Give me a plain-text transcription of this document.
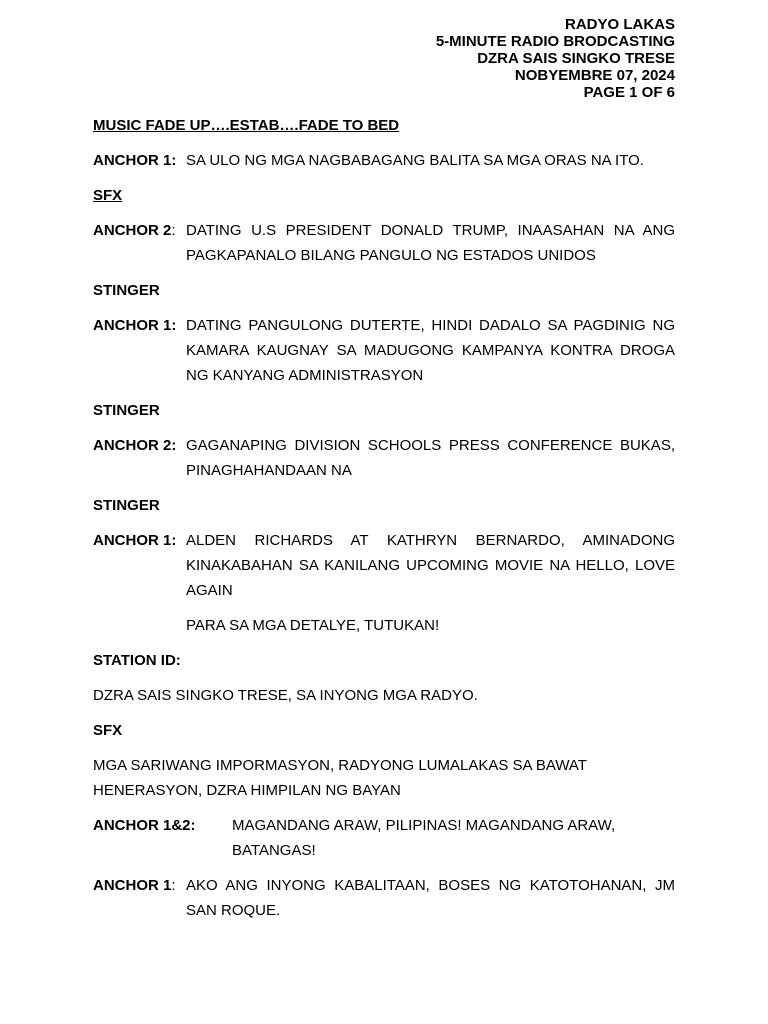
RADYO LAKAS
5-MINUTE RADIO BRODCASTING
DZRA SAIS SINGKO TRESE
NOBYEMBRE 07, 2024
PAGE 1 OF 6
MUSIC FADE UP….ESTAB….FADE TO BED
ANCHOR 1: SA ULO NG MGA NAGBABAGANG BALITA SA MGA ORAS NA ITO.
SFX
ANCHOR 2: DATING U.S PRESIDENT DONALD TRUMP, INAASAHAN NA ANG PAGKAPANALO BILANG PANGULO NG ESTADOS UNIDOS
STINGER
ANCHOR 1: DATING PANGULONG DUTERTE, HINDI DADALO SA PAGDINIG NG KAMARA KAUGNAY SA MADUGONG KAMPANYA KONTRA DROGA NG KANYANG ADMINISTRASYON
STINGER
ANCHOR 2: GAGANAPING DIVISION SCHOOLS PRESS CONFERENCE BUKAS, PINAGHAHANDAAN NA
STINGER
ANCHOR 1: ALDEN RICHARDS AT KATHRYN BERNARDO, AMINADONG KINAKABAHAN SA KANILANG UPCOMING MOVIE NA HELLO, LOVE AGAIN
PARA SA MGA DETALYE, TUTUKAN!
STATION ID:
DZRA SAIS SINGKO TRESE, SA INYONG MGA RADYO.
SFX
MGA SARIWANG IMPORMASYON, RADYONG LUMALAKAS SA BAWAT HENERASYON, DZRA HIMPILAN NG BAYAN
ANCHOR 1&2:	MAGANDANG ARAW, PILIPINAS! MAGANDANG ARAW, BATANGAS!
ANCHOR 1: AKO ANG INYONG KABALITAAN, BOSES NG KATOTOHANAN, JM SAN ROQUE.
